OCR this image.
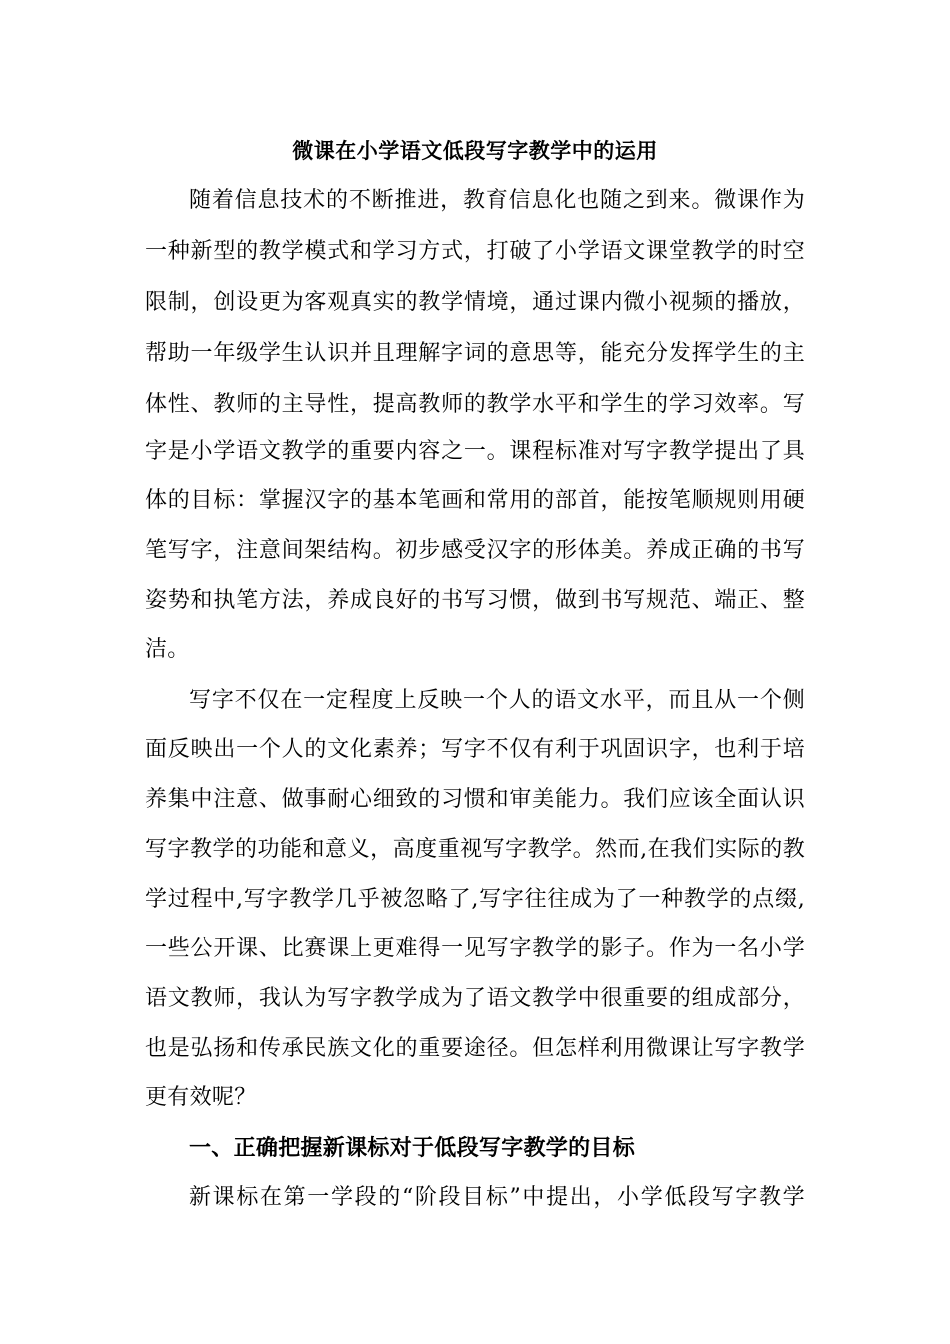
微课在小学语文低段写字教学中的运用
随着信息技术的不断推进，教育信息化也随之到来。微课作为
一种新型的教学模式和学习方式，打破了小学语文课堂教学的时空
限制，创设更为客观真实的教学情境，通过课内微小视频的播放，
帮助一年级学生认识并且理解字词的意思等，能充分发挥学生的主
体性、教师的主导性，提高教师的教学水平和学生的学习效率。写
字是小学语文教学的重要内容之一。课程标准对写字教学提出了具
体的目标：掌握汉字的基本笔画和常用的部首，能按笔顺规则用硬
笔写字，注意间架结构。初步感受汉字的形体美。养成正确的书写
姿势和执笔方法，养成良好的书写习惯，做到书写规范、端正、整
洁。
写字不仅在一定程度上反映一个人的语文水平，而且从一个侧
面反映出一个人的文化素养；写字不仅有利于巩固识字，也利于培
养集中注意、做事耐心细致的习惯和审美能力。我们应该全面认识
写字教学的功能和意义，高度重视写字教学。然而,在我们实际的教
学过程中,写字教学几乎被忽略了,写字往往成为了一种教学的点缀,
一些公开课、比赛课上更难得一见写字教学的影子。作为一名小学
语文教师，我认为写字教学成为了语文教学中很重要的组成部分，
也是弘扬和传承民族文化的重要途径。但怎样利用微课让写字教学
更有效呢？
一、正确把握新课标对于低段写字教学的目标
新课标在第一学段的“阶段目标”中提出，小学低段写字教学
